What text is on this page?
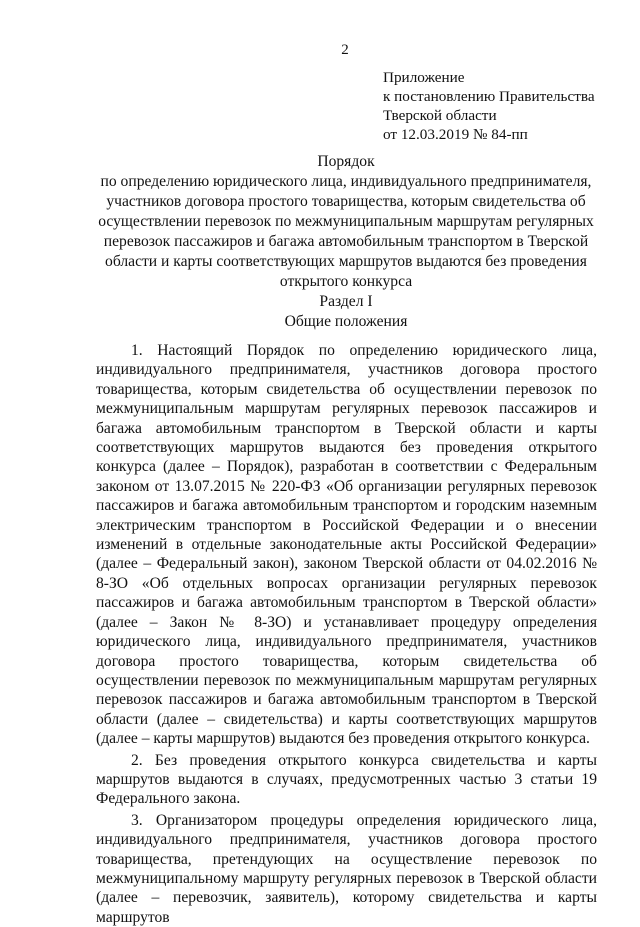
2
Приложение
к постановлению Правительства
Тверской области
от 12.03.2019 № 84-пп
Порядок
по определению юридического лица, индивидуального предпринимателя,
участников договора простого товарищества, которым свидетельства об
осуществлении перевозок по межмуниципальным маршрутам регулярных
перевозок пассажиров и багажа автомобильным транспортом в Тверской
области и карты соответствующих маршрутов выдаются без проведения
открытого конкурса
Раздел I
Общие положения

1. Настоящий Порядок по определению юридического лица, индивидуального предпринимателя, участников договора простого товарищества, которым свидетельства об осуществлении перевозок по межмуниципальным маршрутам регулярных перевозок пассажиров и багажа автомобильным транспортом в Тверской области и карты соответствующих маршрутов выдаются без проведения открытого конкурса (далее – Порядок), разработан в соответствии с Федеральным законом от 13.07.2015 № 220-ФЗ «Об организации регулярных перевозок пассажиров и багажа автомобильным транспортом и городским наземным электрическим транспортом в Российской Федерации и о внесении изменений в отдельные законодательные акты Российской Федерации» (далее – Федеральный закон), законом Тверской области от 04.02.2016 № 8-ЗО «Об отдельных вопросах организации регулярных перевозок пассажиров и багажа автомобильным транспортом в Тверской области» (далее – Закон № 8-ЗО) и устанавливает процедуру определения юридического лица, индивидуального предпринимателя, участников договора простого товарищества, которым свидетельства об осуществлении перевозок по межмуниципальным маршрутам регулярных перевозок пассажиров и багажа автомобильным транспортом в Тверской области (далее – свидетельства) и карты соответствующих маршрутов (далее – карты маршрутов) выдаются без проведения открытого конкурса.

2. Без проведения открытого конкурса свидетельства и карты маршрутов выдаются в случаях, предусмотренных частью 3 статьи 19 Федерального закона.

3. Организатором процедуры определения юридического лица, индивидуального предпринимателя, участников договора простого товарищества, претендующих на осуществление перевозок по межмуниципальному маршруту регулярных перевозок в Тверской области (далее – перевозчик, заявитель), которому свидетельства и карты маршрутов
